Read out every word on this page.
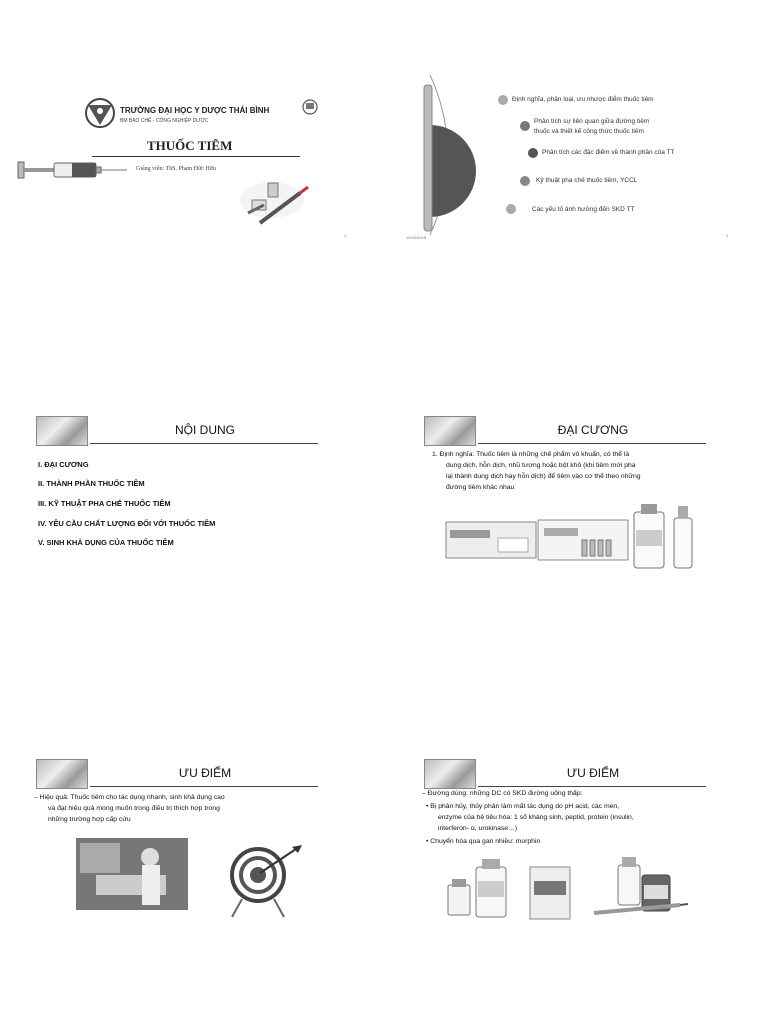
TRƯỜNG ĐẠI HỌC Y DƯỢC THÁI BÌNH
BM BÀO CHẾ - CÔNG NGHIỆP DƯỢC
THUỐC TIÊM
Giảng viên: ThS. Phạm Đức Hữu
1
Định nghĩa, phân loại, ưu nhược điểm thuốc tiêm
Phân tích sự liên quan giữa đường tiêm
thuốc và thiết kế công thức thuốc tiêm
Phân tích các đặc điểm về thành phần của TT
Kỹ thuật pha chế thuốc tiêm, YCCL
Các yếu tố ảnh hưởng đến SKD TT
10/25/2016	2
NỘI DUNG
I. ĐẠI CƯƠNG
II. THÀNH PHẦN THUỐC TIÊM
III. KỸ THUẬT PHA CHẾ THUỐC TIÊM
IV. YÊU CẦU CHẤT LƯỢNG ĐỐI VỚI THUỐC TIÊM
V. SINH KHẢ DỤNG CỦA THUỐC TIÊM
ĐẠI CƯƠNG
1. Định nghĩa: Thuốc tiêm là những chế phẩm vô khuẩn, có thể là
dung dịch, hỗn dịch, nhũ tương hoặc bột khô (khi tiêm mới pha
lại thành dung dịch hay hỗn dịch) để tiêm vào cơ thể theo những
đường tiêm khác nhau
ƯU ĐIỂM
– Hiệu quả: Thuốc tiêm cho tác dụng nhanh, sinh khả dụng cao
và đạt hiệu quả mong muốn trong điều trị thích hợp trong
những trường hợp cấp cứu
ƯU ĐIỂM
– Đường dùng: những DC có SKD đường uống thấp:
• Bị phân hủy, thủy phân làm mất tác dụng do pH acid, các men,
enzyme của hệ tiêu hóa: 1 số kháng sinh, peptid, protein (insulin,
interferon- α, urokinase…)
• Chuyển hóa qua gan nhiều: morphin
